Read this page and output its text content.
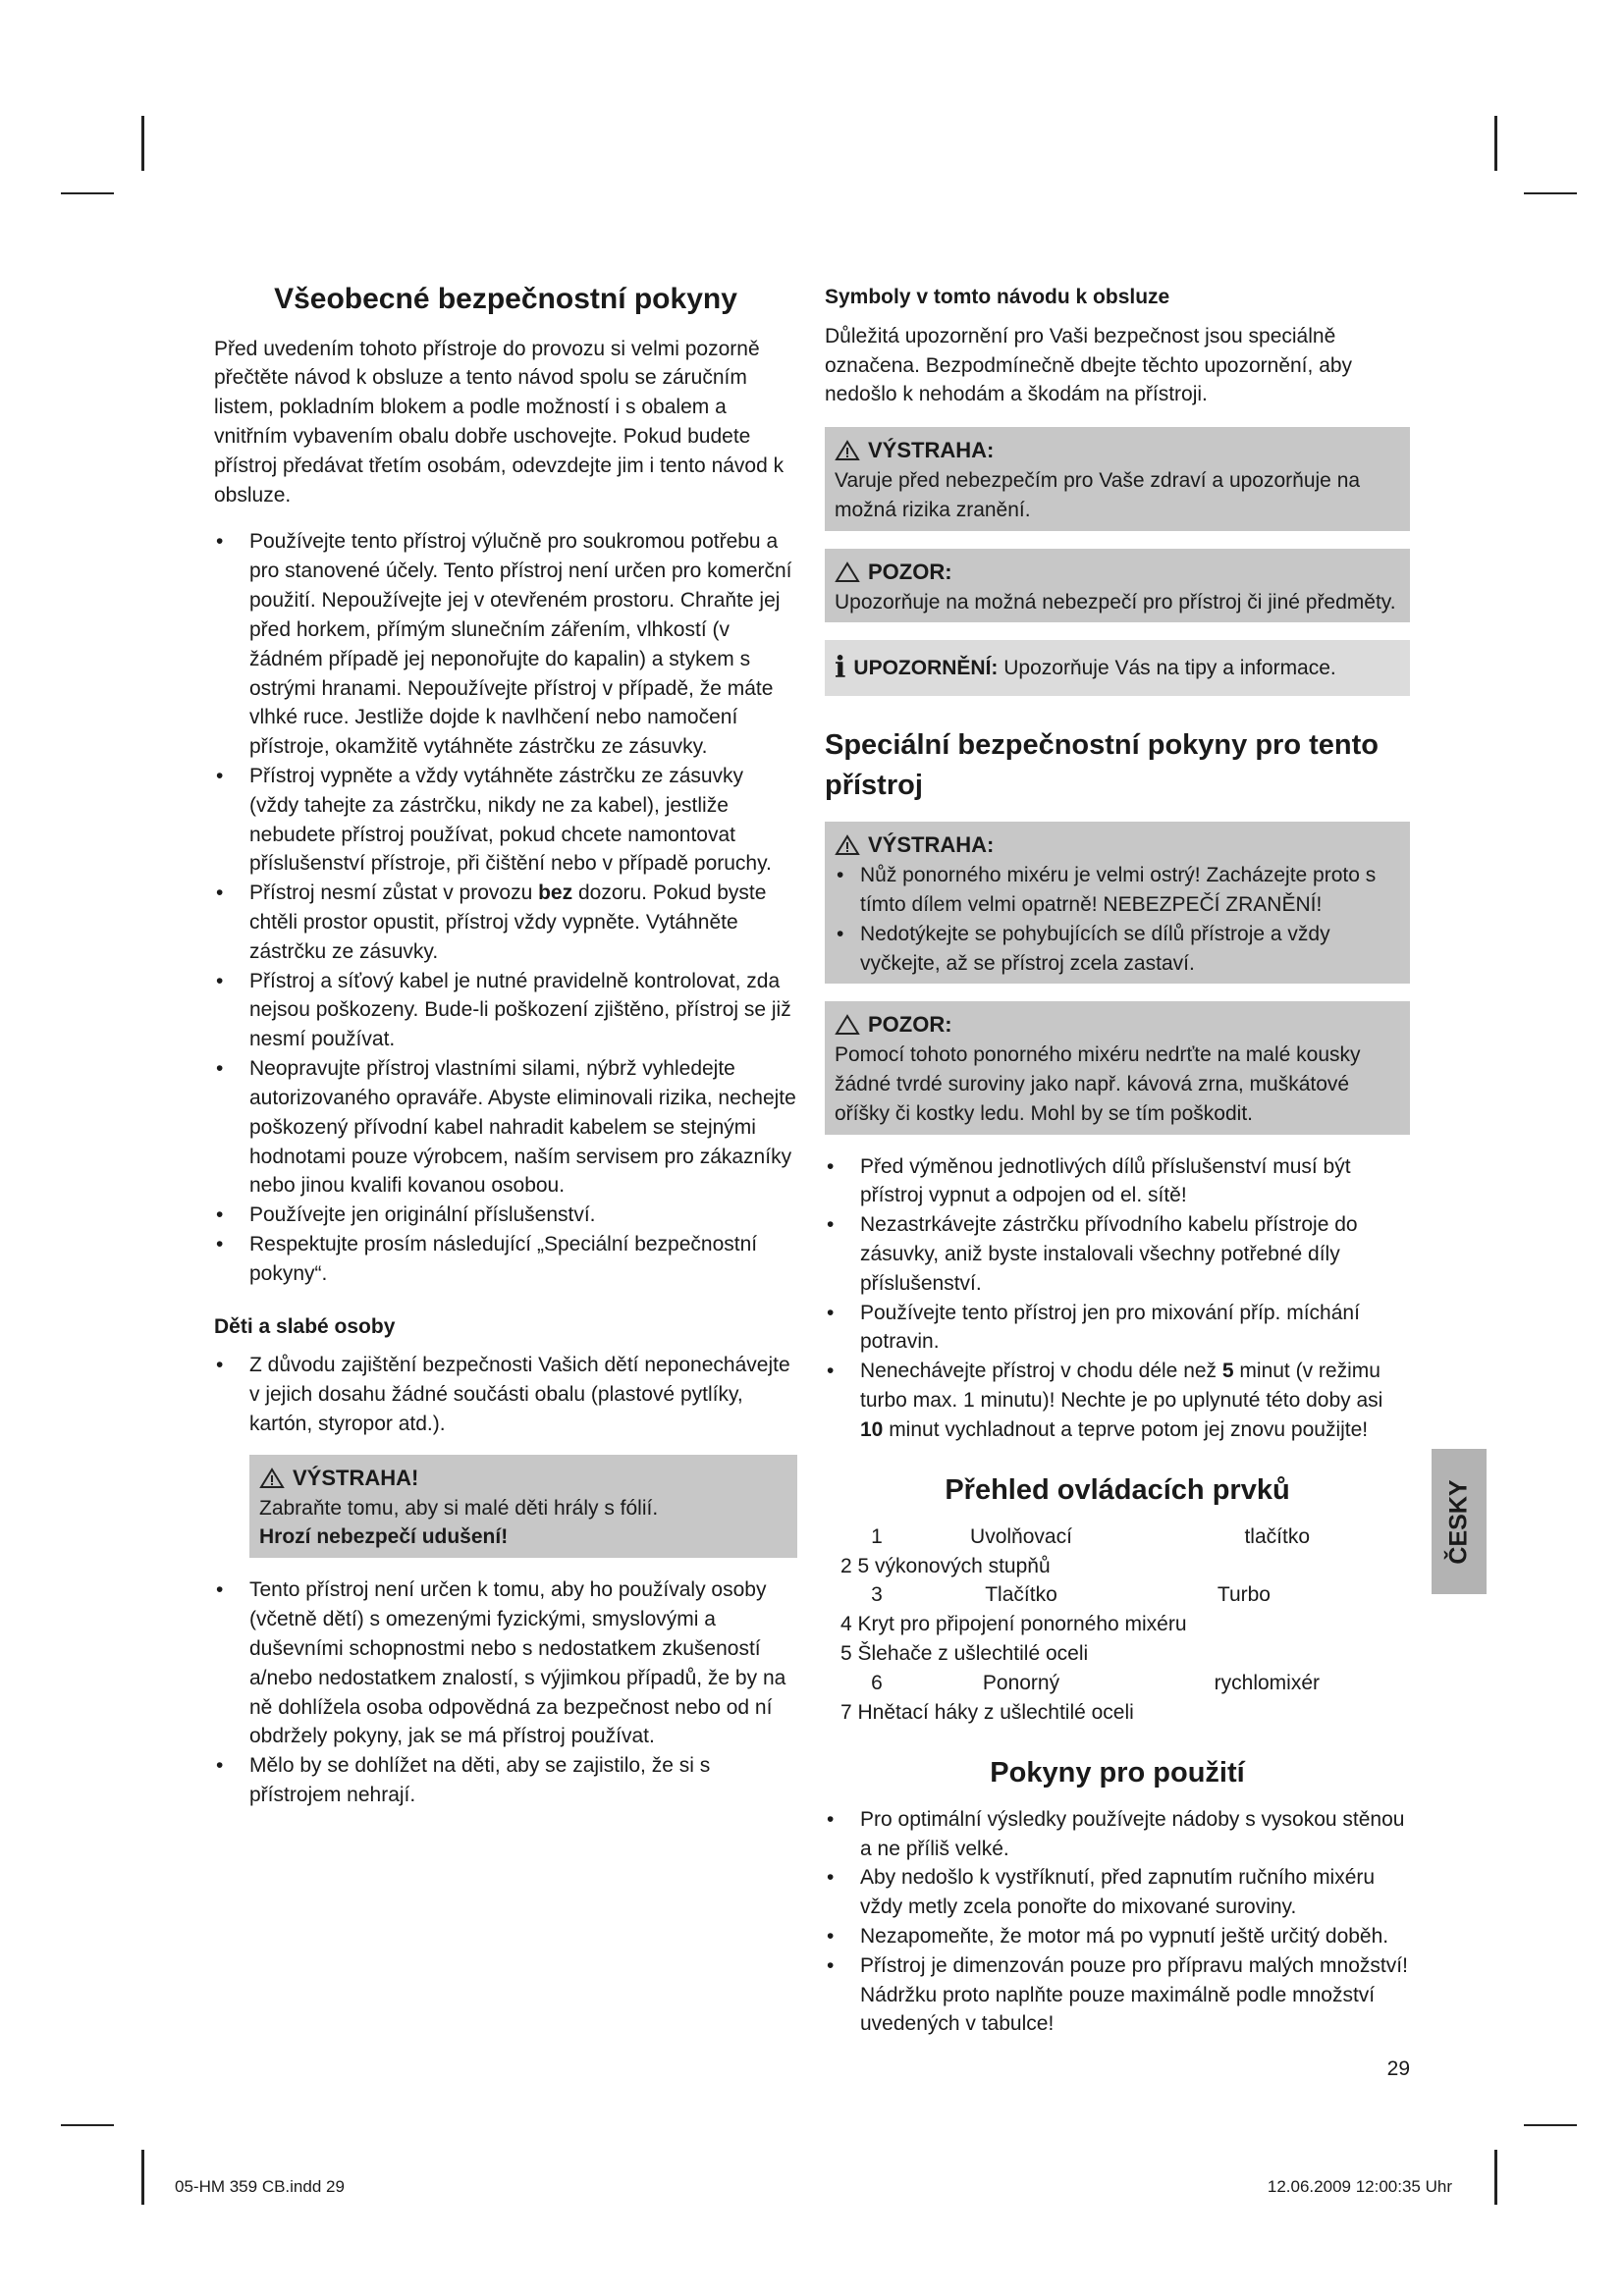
Všeobecné bezpečnostní pokyny

Před uvedením tohoto přístroje do provozu si velmi pozorně přečtěte návod k obsluze a tento návod spolu se záručním listem, pokladním blokem a podle možností i s obalem a vnitřním vybavením obalu dobře uschovejte. Pokud budete přístroj předávat třetím osobám, odevzdejte jim i tento návod k obsluze.

• Používejte tento přístroj výlučně pro soukromou potřebu a pro stanovené účely. Tento přístroj není určen pro komerční použití. Nepoužívejte jej v otevřeném prostoru. Chraňte jej před horkem, přímým slunečním zářením, vlhkostí (v žádném případě jej neponořujte do kapalin) a stykem s ostrými hranami. Nepoužívejte přístroj v případě, že máte vlhké ruce. Jestliže dojde k navlhčení nebo namočení přístroje, okamžitě vytáhněte zástrčku ze zásuvky.
• Přístroj vypněte a vždy vytáhněte zástrčku ze zásuvky (vždy tahejte za zástrčku, nikdy ne za kabel), jestliže nebudete přístroj používat, pokud chcete namontovat příslušenství přístroje, při čištění nebo v případě poruchy.
• Přístroj nesmí zůstat v provozu bez dozoru. Pokud byste chtěli prostor opustit, přístroj vždy vypněte. Vytáhněte zástrčku ze zásuvky.
• Přístroj a síťový kabel je nutné pravidelně kontrolovat, zda nejsou poškozeny. Bude-li poškození zjištěno, přístroj se již nesmí používat.
• Neopravujte přístroj vlastními silami, nýbrž vyhledejte autorizovaného opraváře. Abyste eliminovali rizika, nechejte poškozený přívodní kabel nahradit kabelem se stejnými hodnotami pouze výrobcem, naším servisem pro zákazníky nebo jinou kvalifi kovanou osobou.
• Používejte jen originální příslušenství.
• Respektujte prosím následující „Speciální bezpečnostní pokyny“.
Děti a slabé osoby
• Z důvodu zajištění bezpečnosti Vašich dětí neponechávejte v jejich dosahu žádné součásti obalu (plastové pytlíky, kartón, styropor atd.).
VÝSTRAHA!
Zabraňte tomu, aby si malé děti hrály s fólií.
Hrozí nebezpečí udušení!
• Tento přístroj není určen k tomu, aby ho používaly osoby (včetně dětí) s omezenými fyzickými, smyslovými a duševními schopnostmi nebo s nedostatkem zkušeností a/nebo nedostatkem znalostí, s výjimkou případů, že by na ně dohlížela osoba odpovědná za bezpečnost nebo od ní obdržely pokyny, jak se má přístroj používat.
• Mělo by se dohlížet na děti, aby se zajistilo, že si s přístrojem nehrají.
Symboly v tomto návodu k obsluze

Důležitá upozornění pro Vaši bezpečnost jsou speciálně označena. Bezpodmínečně dbejte těchto upozornění, aby nedošlo k nehodám a škodám na přístroji.

VÝSTRAHA:
Varuje před nebezpečím pro Vaše zdraví a upozorňuje na možná rizika zranění.
POZOR:
Upozorňuje na možná nebezpečí pro přístroj či jiné předměty.
i UPOZORNĚNÍ: Upozorňuje Vás na tipy a informace.
Speciální bezpečnostní pokyny pro tento přístroj
VÝSTRAHA:
• Nůž ponorného mixéru je velmi ostrý! Zacházejte proto s tímto dílem velmi opatrně! NEBEZPEČÍ ZRANĚNÍ!
• Nedotýkejte se pohybujících se dílů přístroje a vždy vyčkejte, až se přístroj zcela zastaví.
POZOR:
Pomocí tohoto ponorného mixéru nedrťte na malé kousky žádné tvrdé suroviny jako např. kávová zrna, muškátové oříšky či kostky ledu. Mohl by se tím poškodit.
• Před výměnou jednotlivých dílů příslušenství musí být přístroj vypnut a odpojen od el. sítě!
• Nezastrkávejte zástrčku přívodního kabelu přístroje do zásuvky, aniž byste instalovali všechny potřebné díly příslušenství.
• Používejte tento přístroj jen pro mixování příp. míchání potravin.
• Nenechávejte přístroj v chodu déle než 5 minut (v režimu turbo max. 1 minutu)! Nechte je po uplynuté této doby asi 10 minut vychladnout a teprve potom jej znovu použijte!
Přehled ovládacích prvků
1	Uvolňovací	tlačítko
2 5 výkonových stupňů
3	Tlačítko	Turbo
4 Kryt pro připojení ponorného mixéru
5 Šlehače z ušlechtilé oceli
6	Ponorný	rychlomixér
7 Hnětací háky z ušlechtilé oceli
Pokyny pro použití
• Pro optimální výsledky používejte nádoby s vysokou stěnou a ne příliš velké.
• Aby nedošlo k vystříknutí, před zapnutím ručního mixéru vždy metly zcela ponořte do mixované suroviny.
• Nezapomeňte, že motor má po vypnutí ještě určitý doběh.
• Přístroj je dimenzován pouze pro přípravu malých množství! Nádržku proto naplňte pouze maximálně podle množství uvedených v tabulce!
ČESKY
29
05-HM 359 CB.indd 29	12.06.2009 12:00:35 Uhr
